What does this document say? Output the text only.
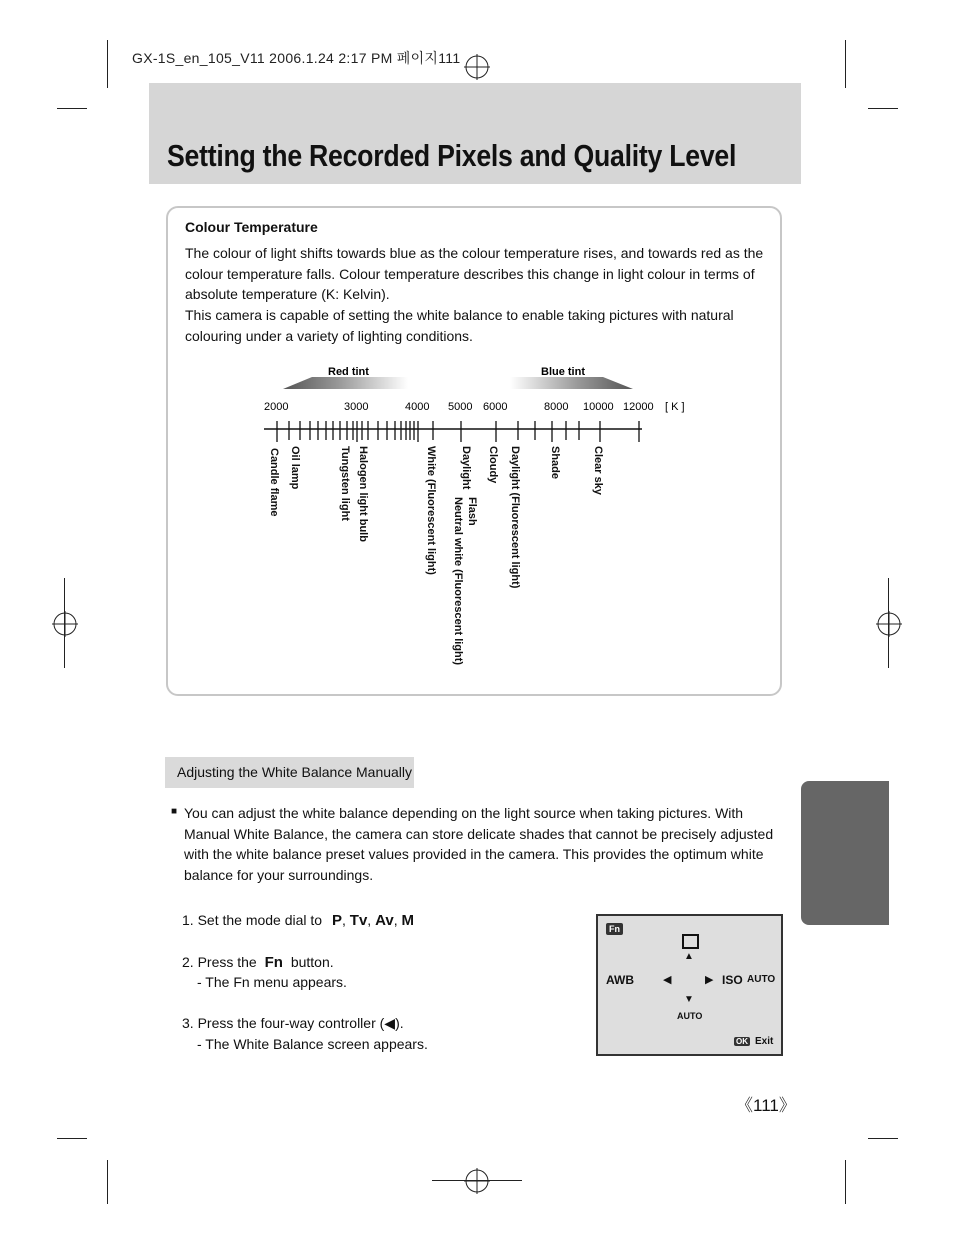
GX-1S_en_105_V11 2006.1.24 2:17 PM 페이지111
Setting the Recorded Pixels and Quality Level
Colour Temperature
The colour of light shifts towards blue as the colour temperature rises, and towards red as the colour temperature falls. Colour temperature describes this change in light colour in terms of absolute temperature (K: Kelvin).
This camera is capable of setting the white balance to enable taking pictures with natural colouring under a variety of lighting conditions.
Red tint	Blue tint
2000	3000	4000 5000 6000	8000 10000 12000 [ K ]
Candle flame Oil lamp	Tungsten light Halogen light bulb	White (Fluorescent light) Daylight
Neutral white (Fluorescent light) Flash
Cloudy Daylight (Fluorescent light)	Shade	Clear sky
Adjusting the White Balance Manually
■ You can adjust the white balance depending on the light source when taking pictures. With Manual White Balance, the camera can store delicate shades that cannot be precisely adjusted with the white balance preset values provided in the camera. This provides the optimum white balance for your surroundings.
1. Set the mode dial to P, Tv, Av, M
2. Press the Fn button.
- The Fn menu appears.
3. Press the four-way controller (◀).
- The White Balance screen appears.
Fn
▲
AWB	◀	▶ ISO AUTO
▼
AUTO
OK Exit
《111》
